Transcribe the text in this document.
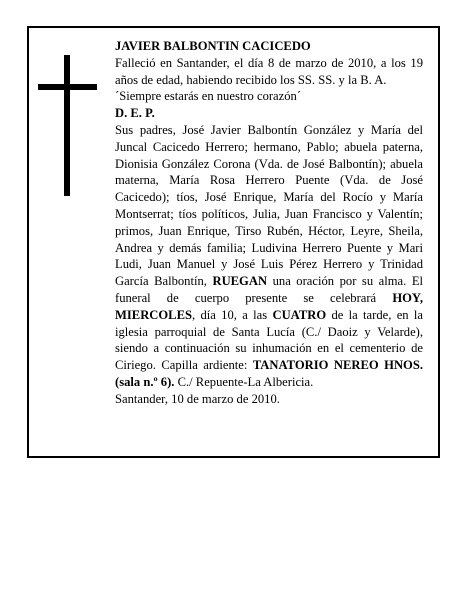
JAVIER BALBONTIN CACICEDO

Falleció en Santander, el día 8 de marzo de 2010, a los 19 años de edad, habiendo recibido los SS. SS. y la B. A.

´Siempre estarás en nuestro corazón´

D. E. P.

Sus padres, José Javier Balbontín González y María del Juncal Cacicedo Herrero; hermano, Pablo; abuela paterna, Dionisia González Corona (Vda. de José Balbontín); abuela materna, María Rosa Herrero Puente (Vda. de José Cacicedo); tíos, José Enrique, María del Rocío y María Montserrat; tíos políticos, Julia, Juan Francisco y Valentín; primos, Juan Enrique, Tirso Rubén, Héctor, Leyre, Sheila, Andrea y demás familia; Ludivina Herrero Puente y Mari Ludi, Juan Manuel y José Luis Pérez Herrero y Trinidad García Balbontín, RUEGAN una oración por su alma. El funeral de cuerpo presente se celebrará HOY, MIERCOLES, día 10, a las CUATRO de la tarde, en la iglesia parroquial de Santa Lucía (C./ Daoiz y Velarde), siendo a continuación su inhumación en el cementerio de Ciriego. Capilla ardiente: TANATORIO NEREO HNOS. (sala n.º 6). C./ Repuente-La Albericia.

Santander, 10 de marzo de 2010.
